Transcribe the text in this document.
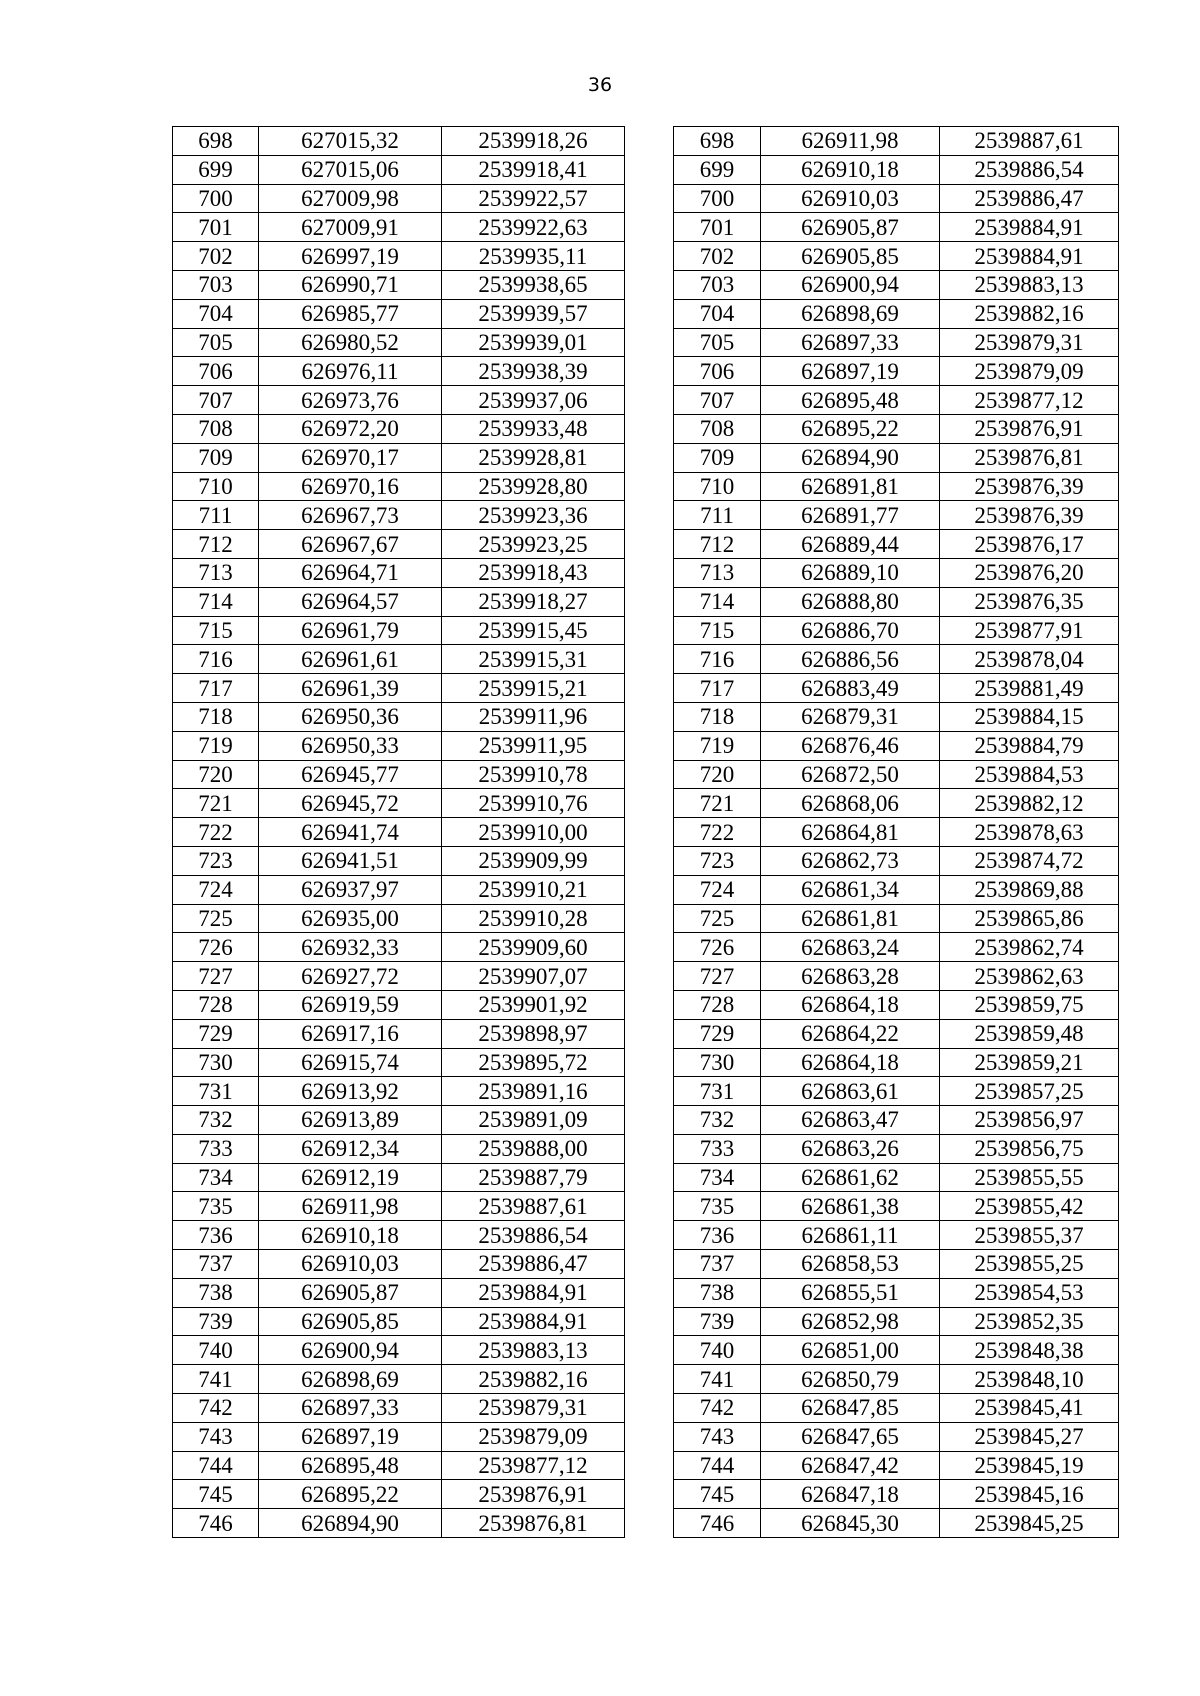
36
698	627015,32	2539918,26		698	626911,98	2539887,61
699	627015,06	2539918,41		699	626910,18	2539886,54
700	627009,98	2539922,57		700	626910,03	2539886,47
701	627009,91	2539922,63		701	626905,87	2539884,91
702	626997,19	2539935,11		702	626905,85	2539884,91
703	626990,71	2539938,65		703	626900,94	2539883,13
704	626985,77	2539939,57		704	626898,69	2539882,16
705	626980,52	2539939,01		705	626897,33	2539879,31
706	626976,11	2539938,39		706	626897,19	2539879,09
707	626973,76	2539937,06		707	626895,48	2539877,12
708	626972,20	2539933,48		708	626895,22	2539876,91
709	626970,17	2539928,81		709	626894,90	2539876,81
710	626970,16	2539928,80		710	626891,81	2539876,39
711	626967,73	2539923,36		711	626891,77	2539876,39
712	626967,67	2539923,25		712	626889,44	2539876,17
713	626964,71	2539918,43		713	626889,10	2539876,20
714	626964,57	2539918,27		714	626888,80	2539876,35
715	626961,79	2539915,45		715	626886,70	2539877,91
716	626961,61	2539915,31		716	626886,56	2539878,04
717	626961,39	2539915,21		717	626883,49	2539881,49
718	626950,36	2539911,96		718	626879,31	2539884,15
719	626950,33	2539911,95		719	626876,46	2539884,79
720	626945,77	2539910,78		720	626872,50	2539884,53
721	626945,72	2539910,76		721	626868,06	2539882,12
722	626941,74	2539910,00		722	626864,81	2539878,63
723	626941,51	2539909,99		723	626862,73	2539874,72
724	626937,97	2539910,21		724	626861,34	2539869,88
725	626935,00	2539910,28		725	626861,81	2539865,86
726	626932,33	2539909,60		726	626863,24	2539862,74
727	626927,72	2539907,07		727	626863,28	2539862,63
728	626919,59	2539901,92		728	626864,18	2539859,75
729	626917,16	2539898,97		729	626864,22	2539859,48
730	626915,74	2539895,72		730	626864,18	2539859,21
731	626913,92	2539891,16		731	626863,61	2539857,25
732	626913,89	2539891,09		732	626863,47	2539856,97
733	626912,34	2539888,00		733	626863,26	2539856,75
734	626912,19	2539887,79		734	626861,62	2539855,55
735	626911,98	2539887,61		735	626861,38	2539855,42
736	626910,18	2539886,54		736	626861,11	2539855,37
737	626910,03	2539886,47		737	626858,53	2539855,25
738	626905,87	2539884,91		738	626855,51	2539854,53
739	626905,85	2539884,91		739	626852,98	2539852,35
740	626900,94	2539883,13		740	626851,00	2539848,38
741	626898,69	2539882,16		741	626850,79	2539848,10
742	626897,33	2539879,31		742	626847,85	2539845,41
743	626897,19	2539879,09		743	626847,65	2539845,27
744	626895,48	2539877,12		744	626847,42	2539845,19
745	626895,22	2539876,91		745	626847,18	2539845,16
746	626894,90	2539876,81		746	626845,30	2539845,25
